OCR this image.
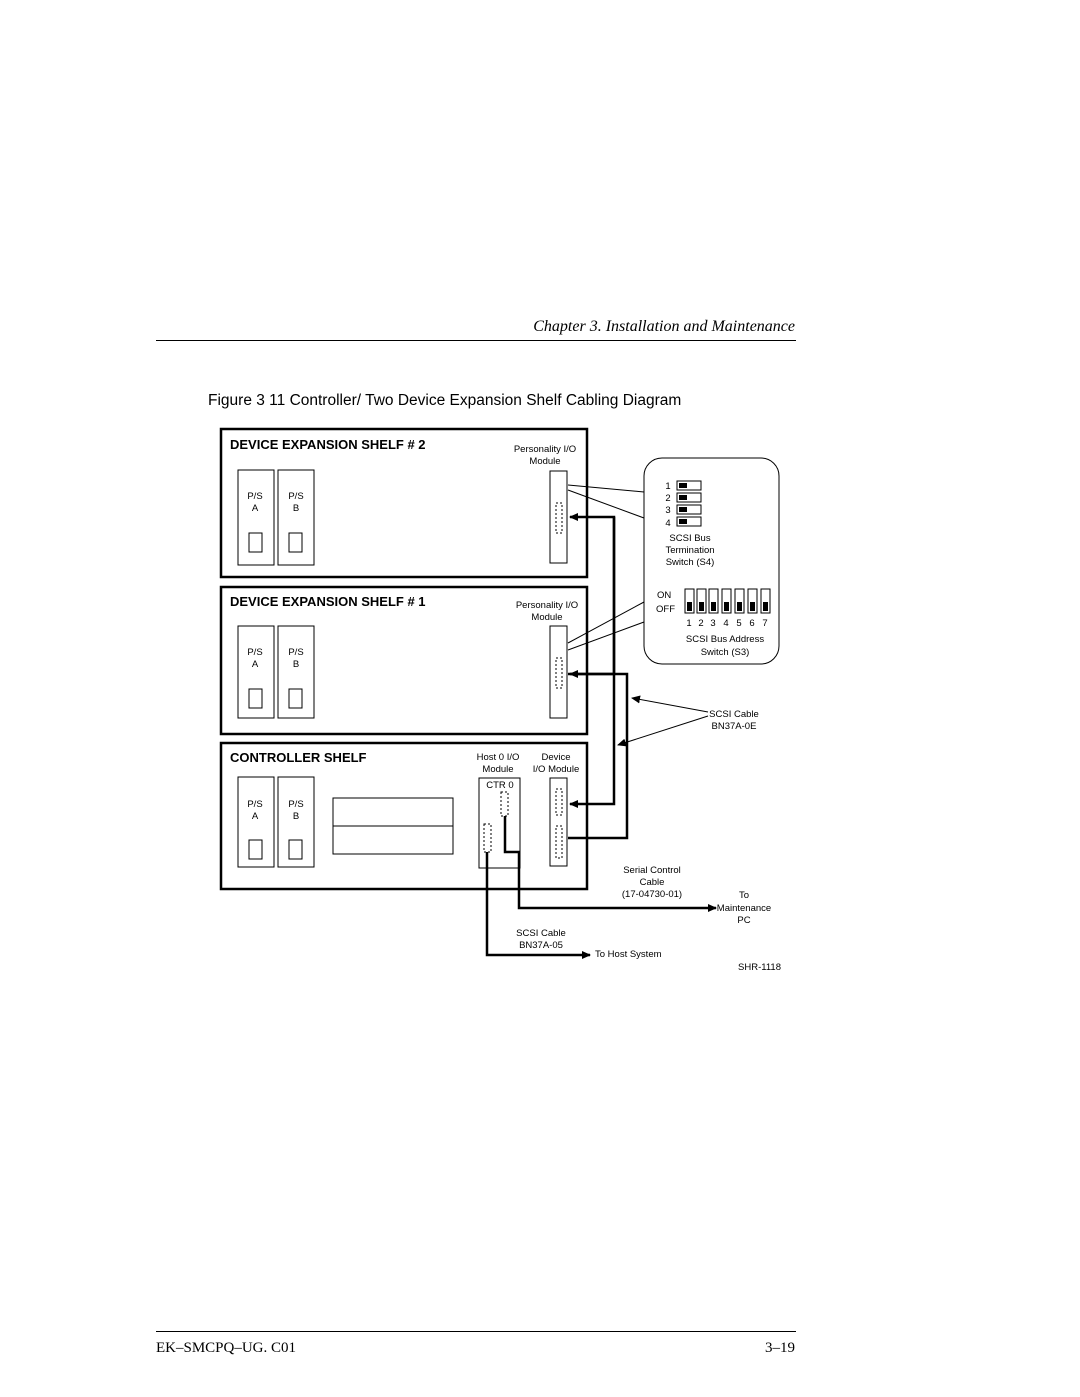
Chapter 3. Installation and Maintenance
Figure 3 11 Controller/ Two Device Expansion Shelf Cabling Diagram
DEVICE EXPANSION SHELF # 2	Personality I/O
Module
P/S
A
P/S
B
DEVICE EXPANSION SHELF # 1	Personality I/O
Module
P/S
A
P/S
B
CONTROLLER SHELF	Host 0 I/O
Module
Device
I/O Module
CTR 0
P/S
A
P/S
B
SCSI Cable
BN37A-0E
1
2
3
4
SCSI Bus
Termination
Switch (S4)
ON
OFF
1 2 3 4 5 6 7
SCSI Bus Address
Switch (S3)
Serial Control
Cable
(17-04730-01)	To
Maintenance
PC
SCSI Cable
BN37A-05
To Host System
SHR-1118
EK–SMCPQ–UG. C01	3–19
